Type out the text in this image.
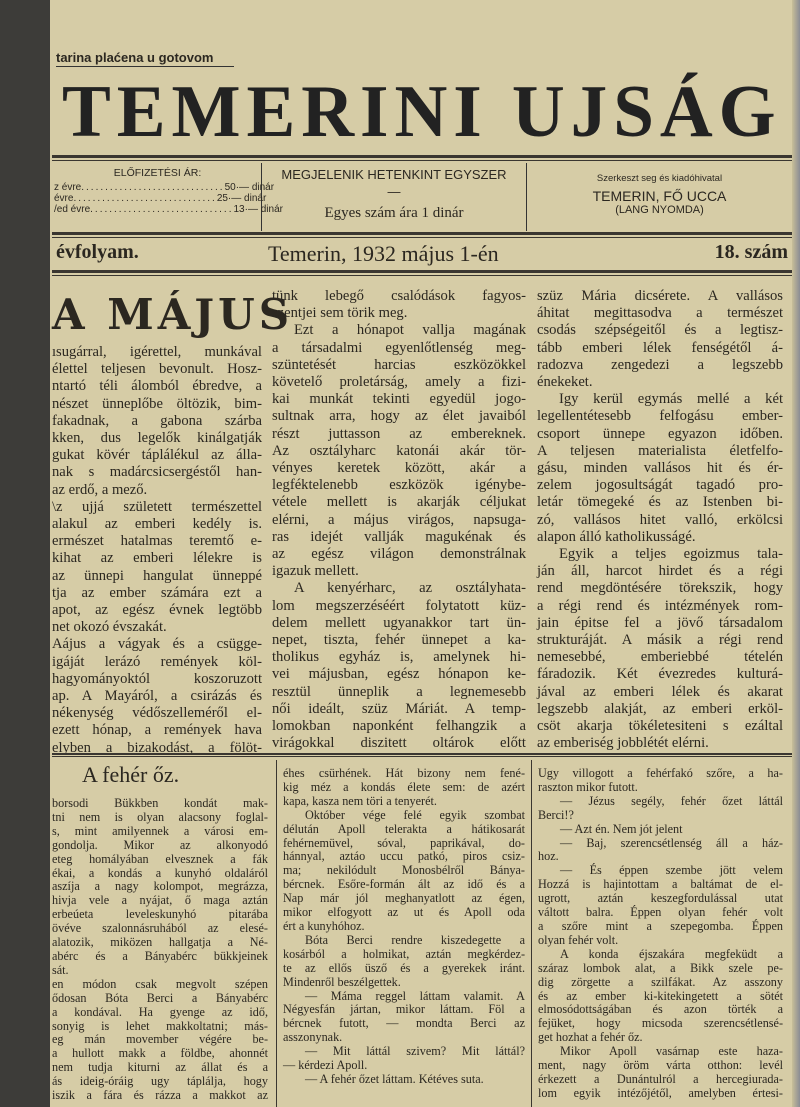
tarina plaćena u gotovom
TEMERINI UJSÁG
ELŐFIZETÉSI ÁR:
z évre .............................. 50·— dinár
évre .............................. 25·— dinár
/ed évre .............................. 13·— dinár
MEGJELENIK HETENKINT EGYSZER
—
Egyes szám ára 1 dinár
Szerkeszt seg és kiadóhivatal
TEMERIN, FŐ UCCA
(LANG NYOMDA)
évfolyam.	Temerin, 1932 május 1-én	18. szám
A MÁJUS
ısugárral, igérettel, munkával
élettel teljesen bevonult. Hosz-
ntartó téli álomból ébredve, a
nészet ünneplőbe öltözik, bim-
fakadnak, a gabona szárba
kken, dus legelők kinálgatják
gukat kövér táplálékul az álla-
nak s madárcsicsergéstől han-
az erdő, a mező.
\z ujjá született természettel
alakul az emberi kedély is.
ermészet hatalmas teremtő e-
kihat az emberi lélekre is
az ünnepi hangulat ünneppé
tja az ember számára ezt a
apot, az egész évnek legtöbb
net okozó évszakát.
Aájus a vágyak és a csügge-
igáját lerázó remények köl-
hagyományoktól koszoruzott
ap. A Mayáról, a csirázás és
nékenység védőszelleméről el-
ezett hónap, a remények hava
elyben a bizakodást, a fölöt-
tünk lebegő csalódások fagyos-
szentjei sem törik meg.
Ezt a hónapot vallja magának
a társadalmi egyenlőtlenség meg-
szüntetését harcias eszközökkel
követelő proletárság, amely a fizi-
kai munkát tekinti egyedül jogo-
sultnak arra, hogy az élet javaiból
részt juttasson az embereknek.
Az osztályharc katonái akár tör-
vényes keretek között, akár a
legféktelenebb eszközök igénybe-
vétele mellett is akarják céljukat
elérni, a május virágos, napsuga-
ras idejét vallják magukénak és
az egész világon demonstrálnak
igazuk mellett.
A kenyérharc, az osztályhata-
lom megszerzéséért folytatott küz-
delem mellett ugyanakkor tart ün-
nepet, tiszta, fehér ünnepet a ka-
tholikus egyház is, amelynek hi-
vei májusban, egész hónapon ke-
resztül ünneplik a legnemesebb
női ideált, szüz Máriát. A temp-
lomokban naponként felhangzik a
virágokkal diszitett oltárok előtt
szüz Mária dicsérete. A vallásos
áhitat megittasodva a természet
csodás szépségeitől és a legtisz-
tább emberi lélek fenségétől á-
radozva zengedezi a legszebb
énekeket.
Igy kerül egymás mellé a két
legellentétesebb felfogásu ember-
csoport ünnepe egyazon időben.
A teljesen materialista életfelfo-
gásu, minden vallásos hit és ér-
zelem jogosultságát tagadó pro-
letár tömegeké és az Istenben bi-
zó, vallásos hitet valló, erkölcsi
alapon álló katholikusságé.
Egyik a teljes egoizmus tala-
ján áll, harcot hirdet és a régi
rend megdöntésére törekszik, hogy
a régi rend és intézmények rom-
jain épitse fel a jövő társadalom
strukturáját. A másik a régi rend
nemesebbé, emberiebbé tételén
fáradozik. Két évezredes kulturá-
jával az emberi lélek és akarat
legszebb alakját, az emberi erköl-
csöt akarja tökéletesiteni s ezáltal
az emberiség jobblétét elérni.
A fehér őz.
borsodi Bükkben kondát mak-
tni nem is olyan alacsony foglal-
s, mint amilyennek a városi em-
gondolja. Mikor az alkonyodó
eteg homályában elvesznek a fák
ékai, a kondás a kunyhó oldaláról
aszíja a nagy kolompot, megrázza,
hivja vele a nyájat, ő maga aztán
erbeúeta leveleskunyhó pitarába
övéve szalonnásruhából az elesé-
alatozik, miközen hallgatja a Né-
abérc és a Bányabérc bükkjeinek
sát.
en módon csak megvolt szépen
ődosan Bóta Berci a Bányabérc
a kondával. Ha gyenge az idő,
sonyig is lehet makkoltatni; más-
eg mán movember végére be-
a hullott makk a földbe, ahonnét
nem tudja kiturni az állat és a
ás ideig-óráig ugy táplálja, hogy
iszik a fára és rázza a makkot az
éhes csürhének. Hát bizony nem fené-
kig méz a kondás élete sem: de azért
kapa, kasza nem töri a tenyerét.
Október vége felé egyik szombat
délután Apoll telerakta a hátikosarát
fehérnemüvel, sóval, paprikával, do-
hánnyal, aztáo uccu patkó, piros csiz-
ma; nekilódult Monosbélről Bánya-
bércnek. Esőre-formán ált az idő és a
Nap már jól meghanyatlott az égen,
mikor elfogyott az ut és Apoll oda
ért a kunyhóhoz.
Bóta Berci rendre kiszedegette a
kosárból a holmikat, aztán megkérdez-
te az ellős üsző és a gyerekek iránt.
Mindenről beszélgettek.
— Máma reggel láttam valamit. A
Négyesfán jártan, mikor láttam. Föl a
bércnek futott, — mondta Berci az
asszonynak.
— Mit láttál szivem? Mit láttál?
— kérdezi Apoll.
— A fehér őzet láttam. Kétéves suta.
Ugy villogott a fehérfakó szőre, a ha-
raszton mikor futott.
— Jézus segély, fehér őzet láttál
Berci!?
— Azt én. Nem jót jelent
— Baj, szerencsétlenség áll a ház-
hoz.
— És éppen szembe jött velem
Hozzá is hajintottam a baltámat de el-
ugrott, aztán keszegfordulással utat
váltott balra. Éppen olyan fehér volt
a szőre mint a szepegomba. Éppen
olyan fehér volt.
A konda éjszakára megfeküdt a
száraz lombok alat, a Bikk szele pe-
dig zörgette a szilfákat. Az asszony
és az ember ki-kitekingetett a sötét
elmosódottságában és azon törték a
fejüket, hogy micsoda szerencsétlensé-
get hozhat a fehér őz.
Mikor Apoll vasárnap este haza-
ment, nagy öröm várta otthon: levél
érkezett a Dunántulról a hercegiurada-
lom egyik intézőjétől, amelyben értesi-
